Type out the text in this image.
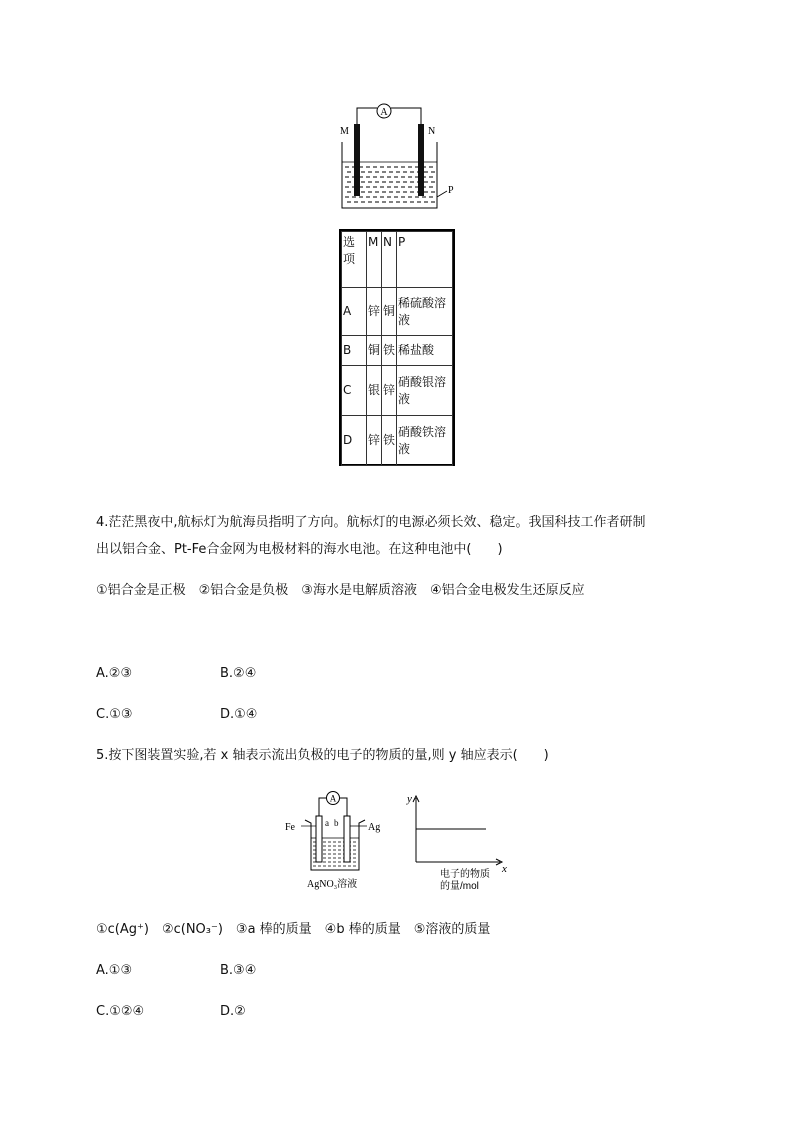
A
M	N
P
选项	M	N	P
A	锌	铜	稀硫酸溶液
B	铜	铁	稀盐酸
C	银	锌	硝酸银溶液
D	锌	铁	硝酸铁溶液
4.茫茫黑夜中,航标灯为航海员指明了方向。航标灯的电源必须长效、稳定。我国科技工作者研制
出以铝合金、Pt-Fe合金网为电极材料的海水电池。在这种电池中(　　)
①铝合金是正极　②铝合金是负极　③海水是电解质溶液　④铝合金电极发生还原反应
A.②③	B.②④
C.①③	D.①④
5.按下图装置实验,若 x 轴表示流出负极的电子的物质的量,则 y 轴应表示(　　)
A
a b
Fe	Ag
AgNO₃溶液
y
x
电子的物质
的量/mol
①c(Ag⁺)　②c(NO₃⁻)　③a 棒的质量　④b 棒的质量　⑤溶液的质量
A.①③	B.③④
C.①②④	D.②
